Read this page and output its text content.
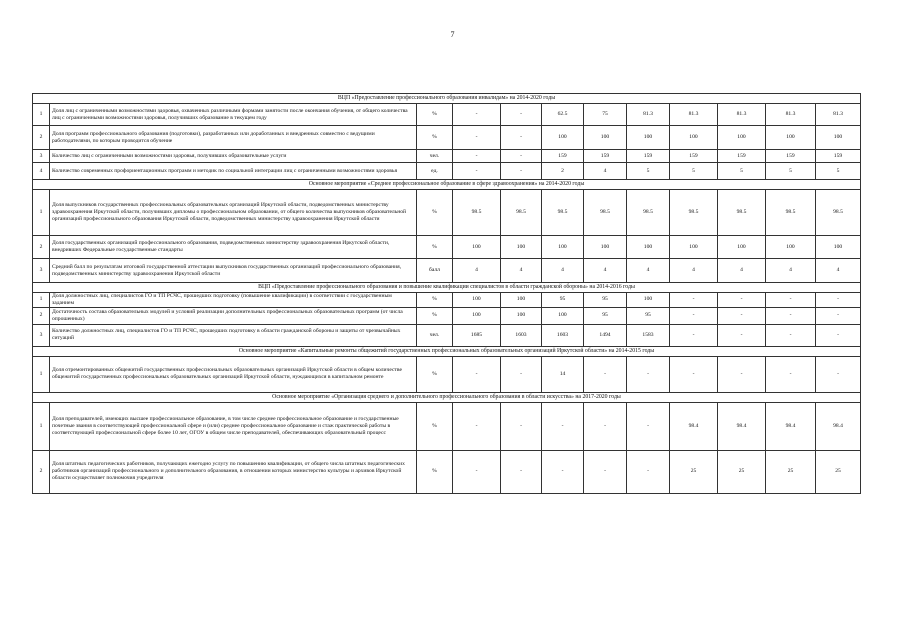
7
ВЦП «Предоставление профессионального образования инвалидам» на 2014-2020 годы											
1	Доля лиц с ограниченными возможностями здоровья, охваченных различными формами занятости после окончания обучения, от общего количества лиц с ограниченными возможностями здоровья, получивших образование в текущем году	%	-	-	62.5	75	81.3	81.3	81.3	81.3	81.3
2	Доля программ профессионального образования (подготовки), разработанных или доработанных и внедренных совместно с ведущими работодателями, по которым проводится обучение	%	-	-	100	100	100	100	100	100	100
3	Количество лиц с ограниченными возможностями здоровья, получивших образовательные услуги	чел.	-	-	159	159	159	159	159	159	159
4	Количество современных профориентационных программ и методик по социальной интеграции лиц с ограниченными возможностями здоровья	ед.	-	-	2	4	5	5	5	5	5
Основное мероприятие «Среднее профессиональное образование в сфере здравоохранения» на 2014-2020 годы											
1	Доля выпускников государственных профессиональных образовательных организаций Иркутской области, подведомственных министерству здравоохранения Иркутской области, получивших дипломы о профессиональном образовании, от общего количества выпускников образовательной организаций профессионального образования Иркутской области, подведомственных министерству здравоохранения Иркутской области	%	98.5	98.5	98.5	98.5	98.5	98.5	98.5	98.5	98.5
2	Доля государственных организаций профессионального образования, подведомственных министерству здравоохранения Иркутской области, внедривших Федеральные государственные стандарты	%	100	100	100	100	100	100	100	100	100
3	Средний балл по результатам итоговой государственной аттестации выпускников государственных организаций профессионального образования, подведомственных министерству здравоохранения Иркутской области	балл	4	4	4	4	4	4	4	4	4
ВЦП «Предоставление профессионального образования и повышение квалификации специалистов в области гражданской обороны» на 2014-2016 годы											
1	Доля должностных лиц, специалистов ГО и ТП РСЧС, прошедших подготовку (повышение квалификации) в соответствии с государственным заданием	%	100	100	95	95	100	-	-	-	-
2	Достаточность состава образовательных модулей и условий реализации дополнительных профессиональных образовательных программ (от числа опрошенных)	%	100	100	100	95	95	-	-	-	-
3	Количество должностных лиц, специалистов ГО и ТП РСЧС, прошедших подготовку в области гражданской обороны и защиты от чрезвычайных ситуаций	чел.	1685	1603	1603	1494	1583	-	-	-	-
Основное мероприятие «Капитальные ремонты общежитий государственных профессиональных образовательных организаций Иркутской области» на 2014-2015 годы											
1	Доля отремонтированных общежитий государственных профессиональных образовательных организаций Иркутской области в общем количестве общежитий государственных профессиональных образовательных организаций Иркутской области, нуждающихся в капитальном ремонте	%	-	-	14	-	-	-	-	-	-
Основное мероприятие «Организация среднего и дополнительного профессионального образования в области искусства» на 2017-2020 годы											
1	Доля преподавателей, имеющих высшее профессиональное образование, в том числе среднее профессиональное образование и государственные почетные звания в соответствующей профессиональной сфере и (или) среднее профессиональное образование и стаж практической работы в соответствующей профессиональной сфере более 10 лет, ОГОУ в общем числе преподавателей, обеспечивающих образовательный процесс	%	-	-	-	-	-	98.4	98.4	98.4	98.4
2	Доля штатных педагогических работников, получающих ежегодно услугу по повышению квалификации, от общего числа штатных педагогических работников организаций профессионального и дополнительного образования, в отношении которых министерство культуры и архивов Иркутской области осуществляет полномочия учредителя	%	-	-	-	-	-	25	25	25	25
